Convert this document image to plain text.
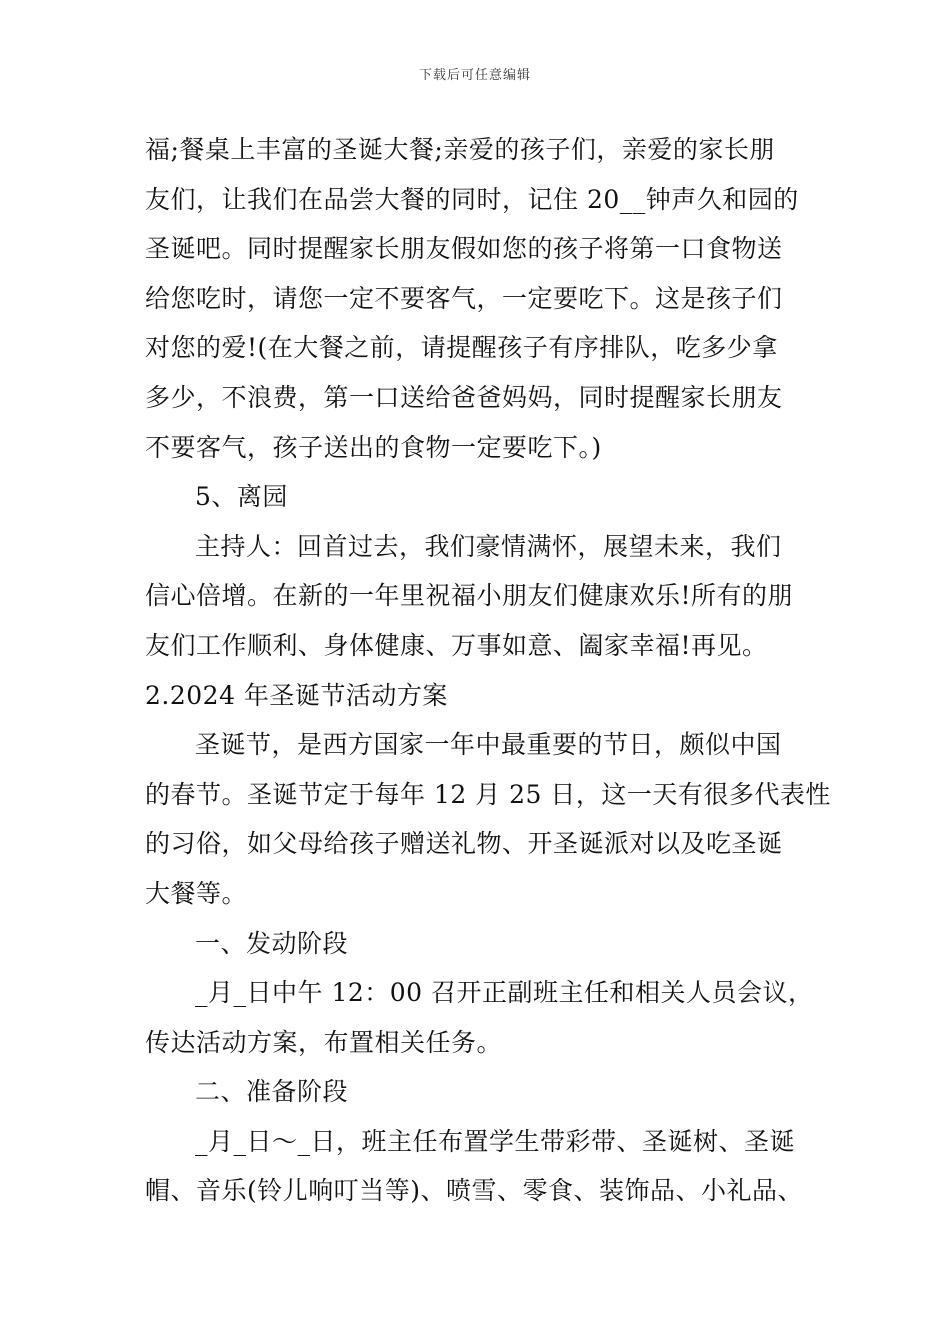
下载后可任意编辑
福;餐桌上丰富的圣诞大餐;亲爱的孩子们，亲爱的家长朋
友们，让我们在品尝大餐的同时，记住 20__钟声久和园的
圣诞吧。同时提醒家长朋友假如您的孩子将第一口食物送
给您吃时，请您一定不要客气，一定要吃下。这是孩子们
对您的爱!(在大餐之前，请提醒孩子有序排队，吃多少拿
多少，不浪费，第一口送给爸爸妈妈，同时提醒家长朋友
不要客气，孩子送出的食物一定要吃下。)
5、离园
主持人：回首过去，我们豪情满怀，展望未来，我们
信心倍增。在新的一年里祝福小朋友们健康欢乐!所有的朋
友们工作顺利、身体健康、万事如意、阖家幸福!再见。
2.2024 年圣诞节活动方案
圣诞节，是西方国家一年中最重要的节日，颇似中国
的春节。圣诞节定于每年 12 月 25 日，这一天有很多代表性
的习俗，如父母给孩子赠送礼物、开圣诞派对以及吃圣诞
大餐等。
一、发动阶段
_月_日中午 12：00 召开正副班主任和相关人员会议，
传达活动方案，布置相关任务。
二、准备阶段
_月_日～_日，班主任布置学生带彩带、圣诞树、圣诞
帽、音乐(铃儿响叮当等)、喷雪、零食、装饰品、小礼品、
